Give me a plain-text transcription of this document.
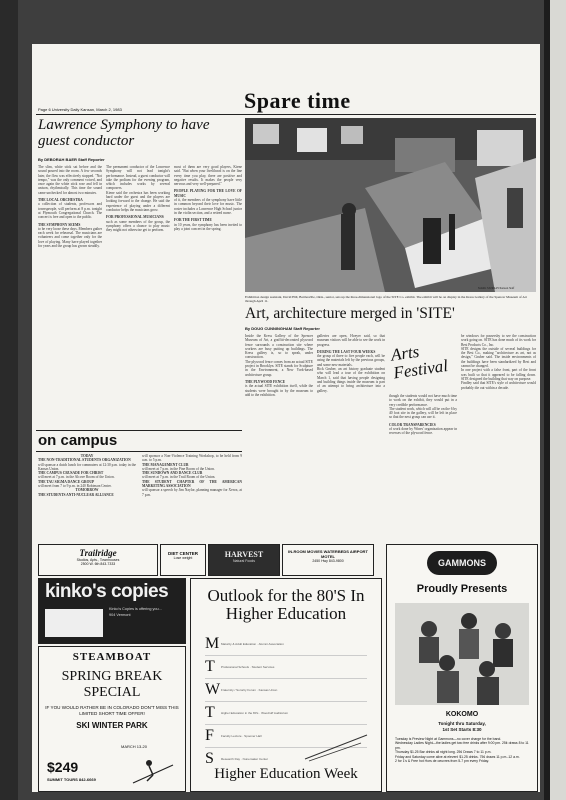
Page 6 University Daily Kansan, March 2, 1983	Spare time
Lawrence Symphony to have guest conductor
By DEBORAH BAER Staff Reporter
The slim, white stick sat before and the sound poured into the room. A few seconds later, the flow was effectively stopped. "Not tempo," was the only comment voiced, and once again the white stick rose and fell in unison, rhythmically. This time the sound came unchecked for almost two minutes.
THE LOCAL ORCHESTRA
a collection of students, professors and townspeople, will perform at 8 p.m. tonight at Plymouth Congregational Church. The concert is free and open to the public.
THE SYMPHONY SEEMS
to be very loose these days. Members gather each week for rehearsal. The musicians are volunteers and come together only for the love of playing. Many have played together for years and the group has grown steadily.
The permanent conductor of the Lawrence Symphony will not lead tonight's performance. Instead, a guest conductor will take the podium for the evening program, which includes works by several composers.
Kiene said the orchestra has been working hard under the guest and the players are looking forward to the change. He said the experience of playing under a different conductor helps the musicians grow.
FOR PROFESSIONAL MUSICIANS
such as some members of the group, the symphony offers a chance to play music they might not otherwise get to perform.
most of them are very good players, Kiene said. "But when your livelihood is on the line every time you play, there are positive and negative results. It makes the people very nervous and very well-prepared."
PEOPLE PLAYING FOR THE LOVE OF MUSIC
of it, the members of the symphony have little in common beyond their love for music. The roster includes a Lawrence High School junior in the violin section, and a retired nurse.
FOR THE FIRST TIME
in 10 years, the symphony has been invited to play a joint concert in the spring.
Exhibition design assistant, David Hill, Bartlesville, Okla., senior, sets up the three-dimensional logo of the SITE Co. exhibit. The exhibit will be on display in the Kress Gallery of the Spencer Museum of Art through April 11.
MARK MURRAY/Kansan Staff
Art, architecture merged in 'SITE'
By DOUG CUNNINGHAM Staff Reporter
Inside the Kress Gallery of the Spencer Museum of Art, a graffiti-decorated plywood fence surrounds a construction site where workers are busy putting up buildings. The Kress gallery is, so to speak, under construction.
The plywood fence comes from an actual SITE project in Brooklyn. SITE stands for Sculpture in the Environment, a New York-based architecture group.
THE PLYWOOD FENCE
is the actual SITE exhibition itself, while the students were brought in by the museum to add to the exhibition.
galleries are open, Hoeyer said, so that museum visitors will be able to see the work in progress.
DURING THE LAST FOUR WEEKS
the group of three to five people each, will be using the materials left by the previous groups, and some new materials.
Rick Gruber, an art history graduate student who will lead a tour of the exhibition on March 1, said that having people designing and building things inside the museum is part of an attempt to bring architecture into a gallery.
though the students would not have much time to work on the exhibit, they would put in a very credible performance.
The student work, which will all be on the 6 by 40 foot site in the gallery, will be left in place so that the next group can use it.
COLOR TRANSPARENCIES
of work done by Wines' organization appear in recesses of the plywood fence.
be windows for passersby to see the construction work going on. SITE has done much of its work for Best Products Co., Inc.
SITE designs the outside of several buildings for the Best Co., making "architecture as art, not as design," Gruber said. The inside environments of the buildings have been standardized by Best and cannot be changed.
In one project with a false front, part of the front was built so that it appeared to be falling down. SITE designed the building that way on purpose.
Findley said that SITE's style of architecture would probably die out within a decade.
Arts Festival
on campus
TODAY
THE NON-TRADITIONAL STUDENTS ORGANIZATION
will sponsor a dutch lunch for commuters at 12:30 p.m. today in the Kansas Union.
THE CAMPUS CRUSADE FOR CHRIST
will meet at 7 p.m. in the Alcove Room of the Union.
THE TAU SIGMA DANCE GROUP
will meet from 7 to 9 p.m. in 240 Robinson Center.
TOMORROW
THE STUDENTS ANTI-NUCLEAR ALLIANCE
will sponsor a Non-Violence Training Workshop, to be held from 9 a.m. to 5 p.m.
THE MANAGEMENT CLUB
will meet at 7 p.m. in the Pine Room of the Union.
THE SUNDOWN AND DANCE CLUB
will meet at 7 p.m. in the Trail Room of the Union.
THE STUDENT CHAPTER OF THE AMERICAN MARKETING ASSOCIATION
will sponsor a speech by Jim Naylor, planning manager for Xerox, at 7 p.m.
Trailridge
Studios, Apts., Townhouses
2500 W. 6th 843-7333
DIET CENTER
Lose weight	HARVEST
Natural Foods
IN-ROOM MOVIES WATERBEDS AIRPORT MOTEL
2450 Hwy 843-9800
kinko's copies
Kinko's Copies is offering you...
904 Vermont
STEAMBOAT
SPRING BREAK SPECIAL
IF YOU WOULD RATHER BE IN COLORADO DON'T MISS THIS LIMITED SHORT TIME OFFER!
SKI WINTER PARK
MARCH 13-20
$249
SUMMIT TOURS 842-6669
Outlook for the 80'S In Higher Education
M Maturity & Adult Education · Alumni Association
T	Professional Schools · Student Services
W Fraternity / Sorority Forum · Kansas Union
T	Higher Education in the 80's · Woodruff Auditorium
F	Faculty Lecture · Spooner Hall
S	Research Day · Nunemaker Center
Higher Education Week
GAMMONS
Proudly Presents
KOKOMO
Tonight thru Saturday,
1st Set Starts 8:30
Tuesday is Preview Night at Gammons—no cover charge for the band.
Wednesday Ladies Night—the ladies get two free drinks after 9:00 pm. 25¢ draws 8 to 11 pm.
Thursday $1.25 Bar drinks all night long. 25¢ Draws 7 to 11 p.m.
Friday and Saturday come alive at eleven! $1.25 drinks. 75¢ draws 11 p.m.-12 a.m.
2 for 1's & Free hot Hors de oeuvres from 5-7 pm every Friday.
